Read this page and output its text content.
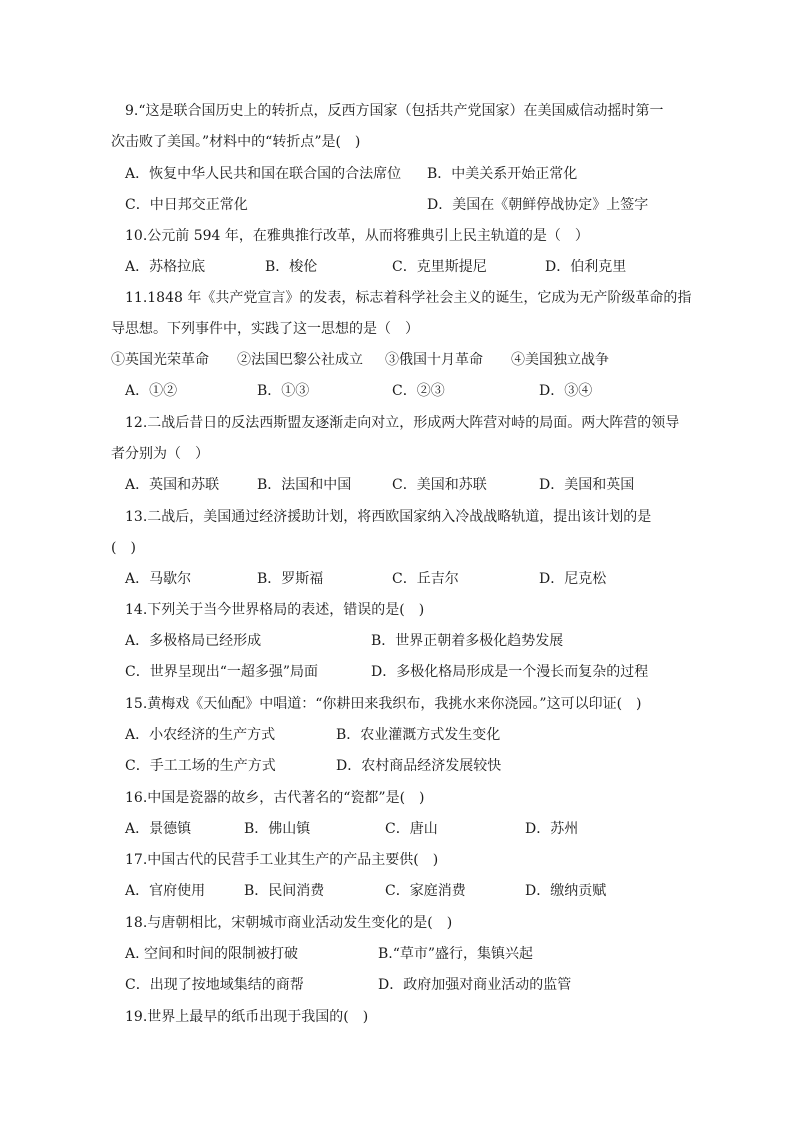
9.“这是联合国历史上的转折点，反西方国家（包括共产党国家）在美国威信动摇时第一
次击败了美国。”材料中的“转折点”是(　)
A．恢复中华人民共和国在联合国的合法席位 B．中美关系开始正常化
C．中日邦交正常化	D．美国在《朝鲜停战协定》上签字
10.公元前 594 年，在雅典推行改革，从而将雅典引上民主轨道的是（　）
A．苏格拉底	B．梭伦	C．克里斯提尼	D．伯利克里
11.1848 年《共产党宣言》的发表，标志着科学社会主义的诞生，它成为无产阶级革命的指
导思想。下列事件中，实践了这一思想的是（　）
①英国光荣革命 ②法国巴黎公社成立 ③俄国十月革命 ④美国独立战争
A．①②	B．①③	C．②③	D．③④
12.二战后昔日的反法西斯盟友逐渐走向对立，形成两大阵营对峙的局面。两大阵营的领导
者分别为（　）
A．英国和苏联	B．法国和中国	C．美国和苏联	D．美国和英国
13.二战后，美国通过经济援助计划，将西欧国家纳入冷战战略轨道，提出该计划的是
(　)
A．马歇尔	B．罗斯福	C．丘吉尔	D．尼克松
14.下列关于当今世界格局的表述，错误的是(　)
A．多极格局已经形成	B．世界正朝着多极化趋势发展
C．世界呈现出“一超多强”局面	D．多极化格局形成是一个漫长而复杂的过程
15.黄梅戏《天仙配》中唱道：“你耕田来我织布，我挑水来你浇园。”这可以印证(　)
A．小农经济的生产方式	B．农业灌溉方式发生变化
C．手工工场的生产方式	D．农村商品经济发展较快
16.中国是瓷器的故乡，古代著名的“瓷都”是(　)
A．景德镇	B．佛山镇	C．唐山	D．苏州
17.中国古代的民营手工业其生产的产品主要供(　)
A．官府使用	B．民间消费	C．家庭消费	D．缴纳贡赋
18.与唐朝相比，宋朝城市商业活动发生变化的是(　)
A. 空间和时间的限制被打破	B.“草市”盛行，集镇兴起
C．出现了按地域集结的商帮	D．政府加强对商业活动的监管
19.世界上最早的纸币出现于我国的(　)
